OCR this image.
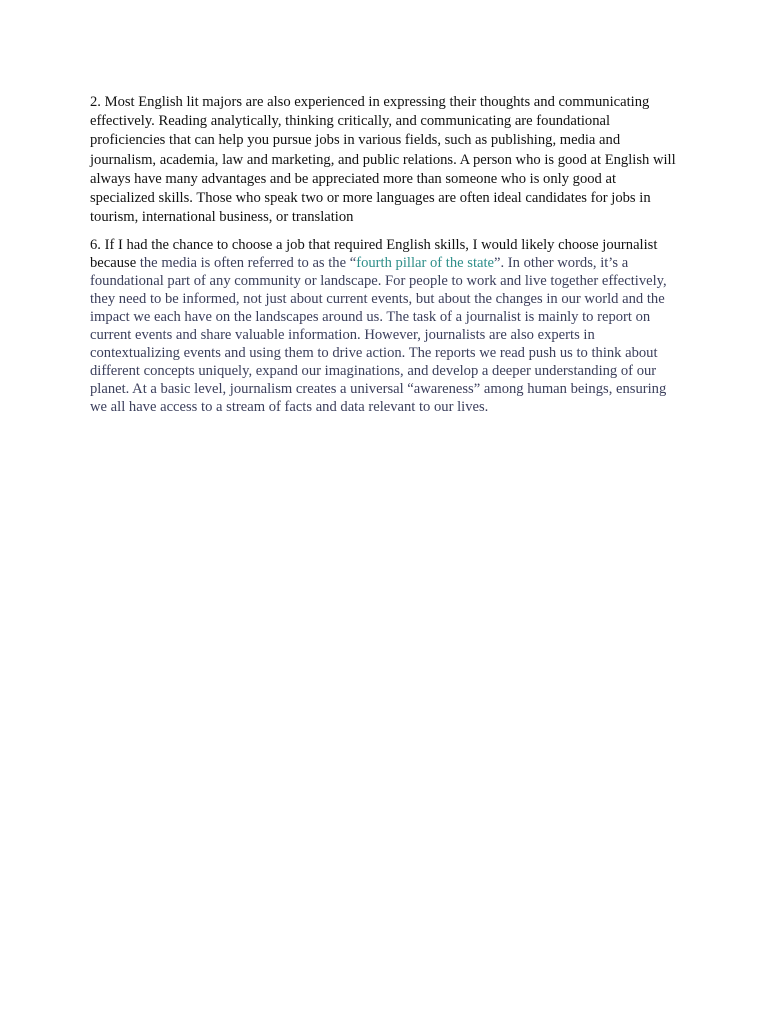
2. Most English lit majors are also experienced in expressing their thoughts and communicating effectively. Reading analytically, thinking critically, and communicating are foundational proficiencies that can help you pursue jobs in various fields, such as publishing, media and journalism, academia, law and marketing, and public relations. A person who is good at English will always have many advantages and be appreciated more than someone who is only good at specialized skills. Those who speak two or more languages are often ideal candidates for jobs in tourism, international business, or translation

6. If I had the chance to choose a job that required English skills, I would likely choose journalist because the media is often referred to as the “fourth pillar of the state”. In other words, it’s a foundational part of any community or landscape. For people to work and live together effectively, they need to be informed, not just about current events, but about the changes in our world and the impact we each have on the landscapes around us. The task of a journalist is mainly to report on current events and share valuable information. However, journalists are also experts in contextualizing events and using them to drive action. The reports we read push us to think about different concepts uniquely, expand our imaginations, and develop a deeper understanding of our planet. At a basic level, journalism creates a universal “awareness” among human beings, ensuring we all have access to a stream of facts and data relevant to our lives.
